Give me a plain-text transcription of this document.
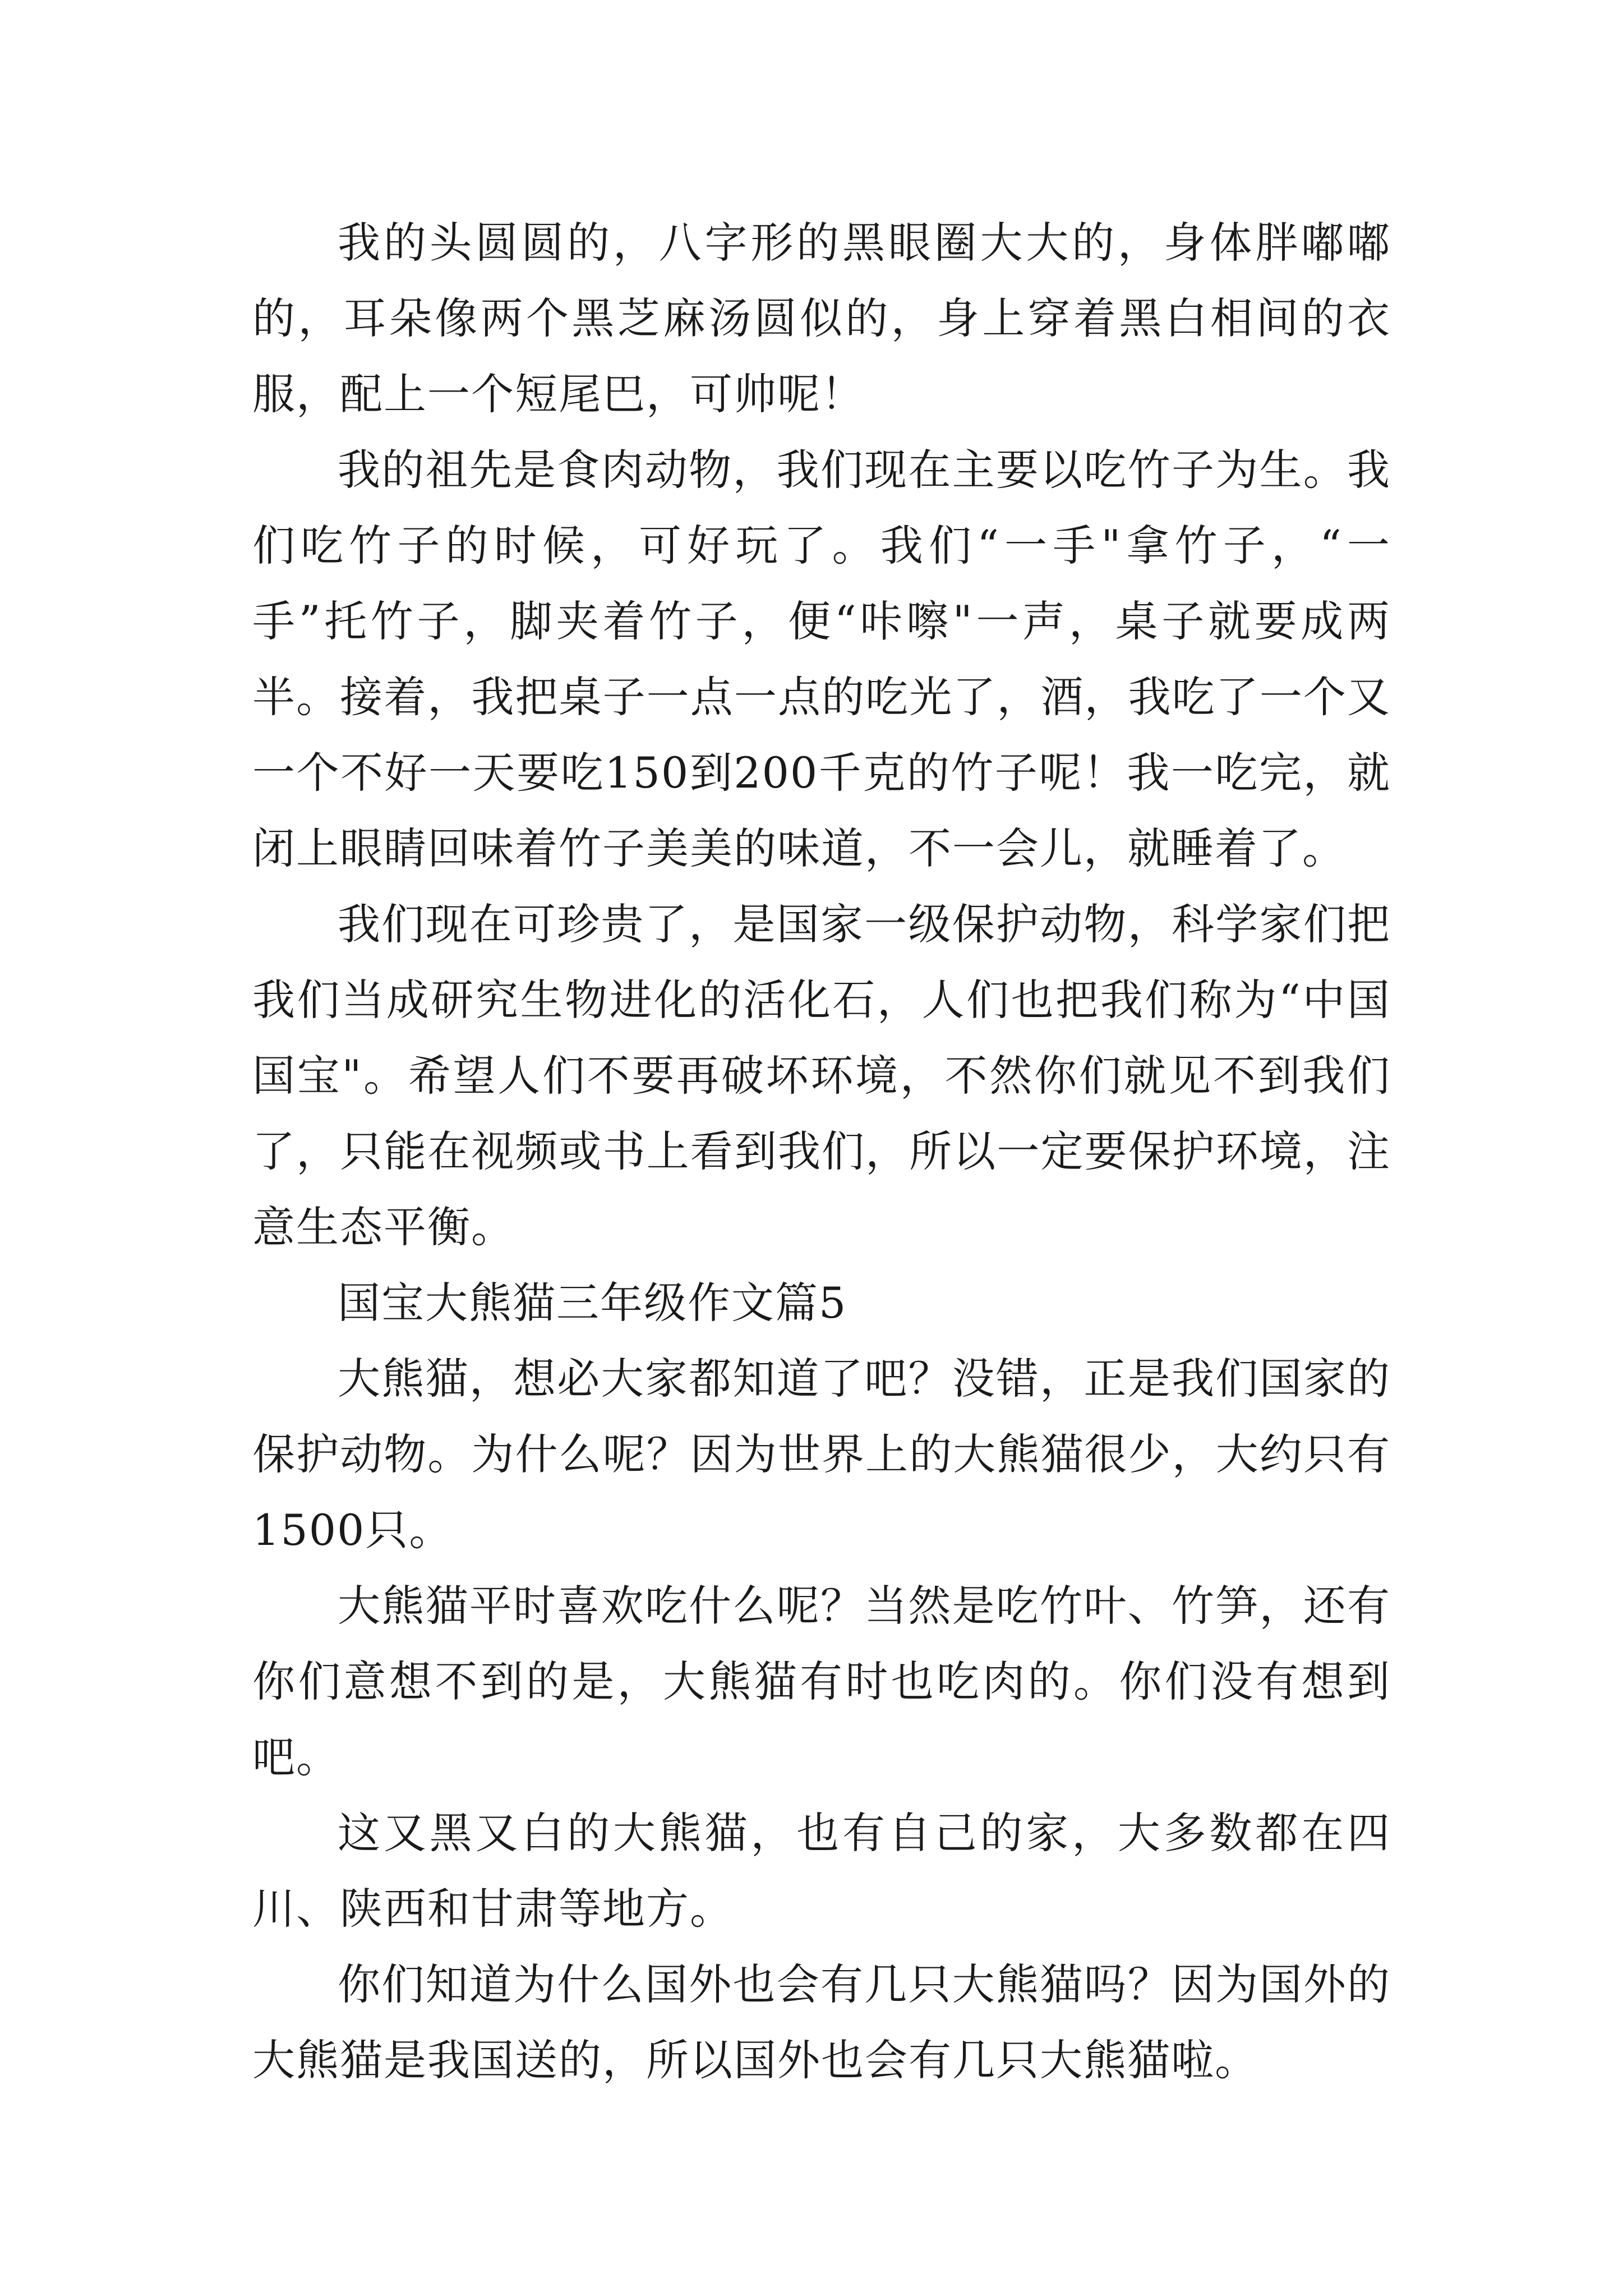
我的头圆圆的，八字形的黑眼圈大大的，身体胖嘟嘟的，耳朵像两个黑芝麻汤圆似的，身上穿着黑白相间的衣服，配上一个短尾巴，可帅呢！

我的祖先是食肉动物，我们现在主要以吃竹子为生。我们吃竹子的时候，可好玩了。我们“一手"拿竹子，“一手”托竹子，脚夹着竹子，便“咔嚓"一声，桌子就要成两半。接着，我把桌子一点一点的吃光了，酒，我吃了一个又一个不好一天要吃150到200千克的竹子呢！我一吃完，就闭上眼睛回味着竹子美美的味道，不一会儿，就睡着了。

我们现在可珍贵了，是国家一级保护动物，科学家们把我们当成研究生物进化的活化石，人们也把我们称为“中国国宝"。希望人们不要再破坏环境，不然你们就见不到我们了，只能在视频或书上看到我们，所以一定要保护环境，注意生态平衡。

国宝大熊猫三年级作文篇5

大熊猫，想必大家都知道了吧？没错，正是我们国家的保护动物。为什么呢？因为世界上的大熊猫很少，大约只有1500只。

大熊猫平时喜欢吃什么呢？当然是吃竹叶、竹笋，还有你们意想不到的是，大熊猫有时也吃肉的。你们没有想到吧。

这又黑又白的大熊猫，也有自己的家，大多数都在四川、陕西和甘肃等地方。

你们知道为什么国外也会有几只大熊猫吗？因为国外的大熊猫是我国送的，所以国外也会有几只大熊猫啦。
